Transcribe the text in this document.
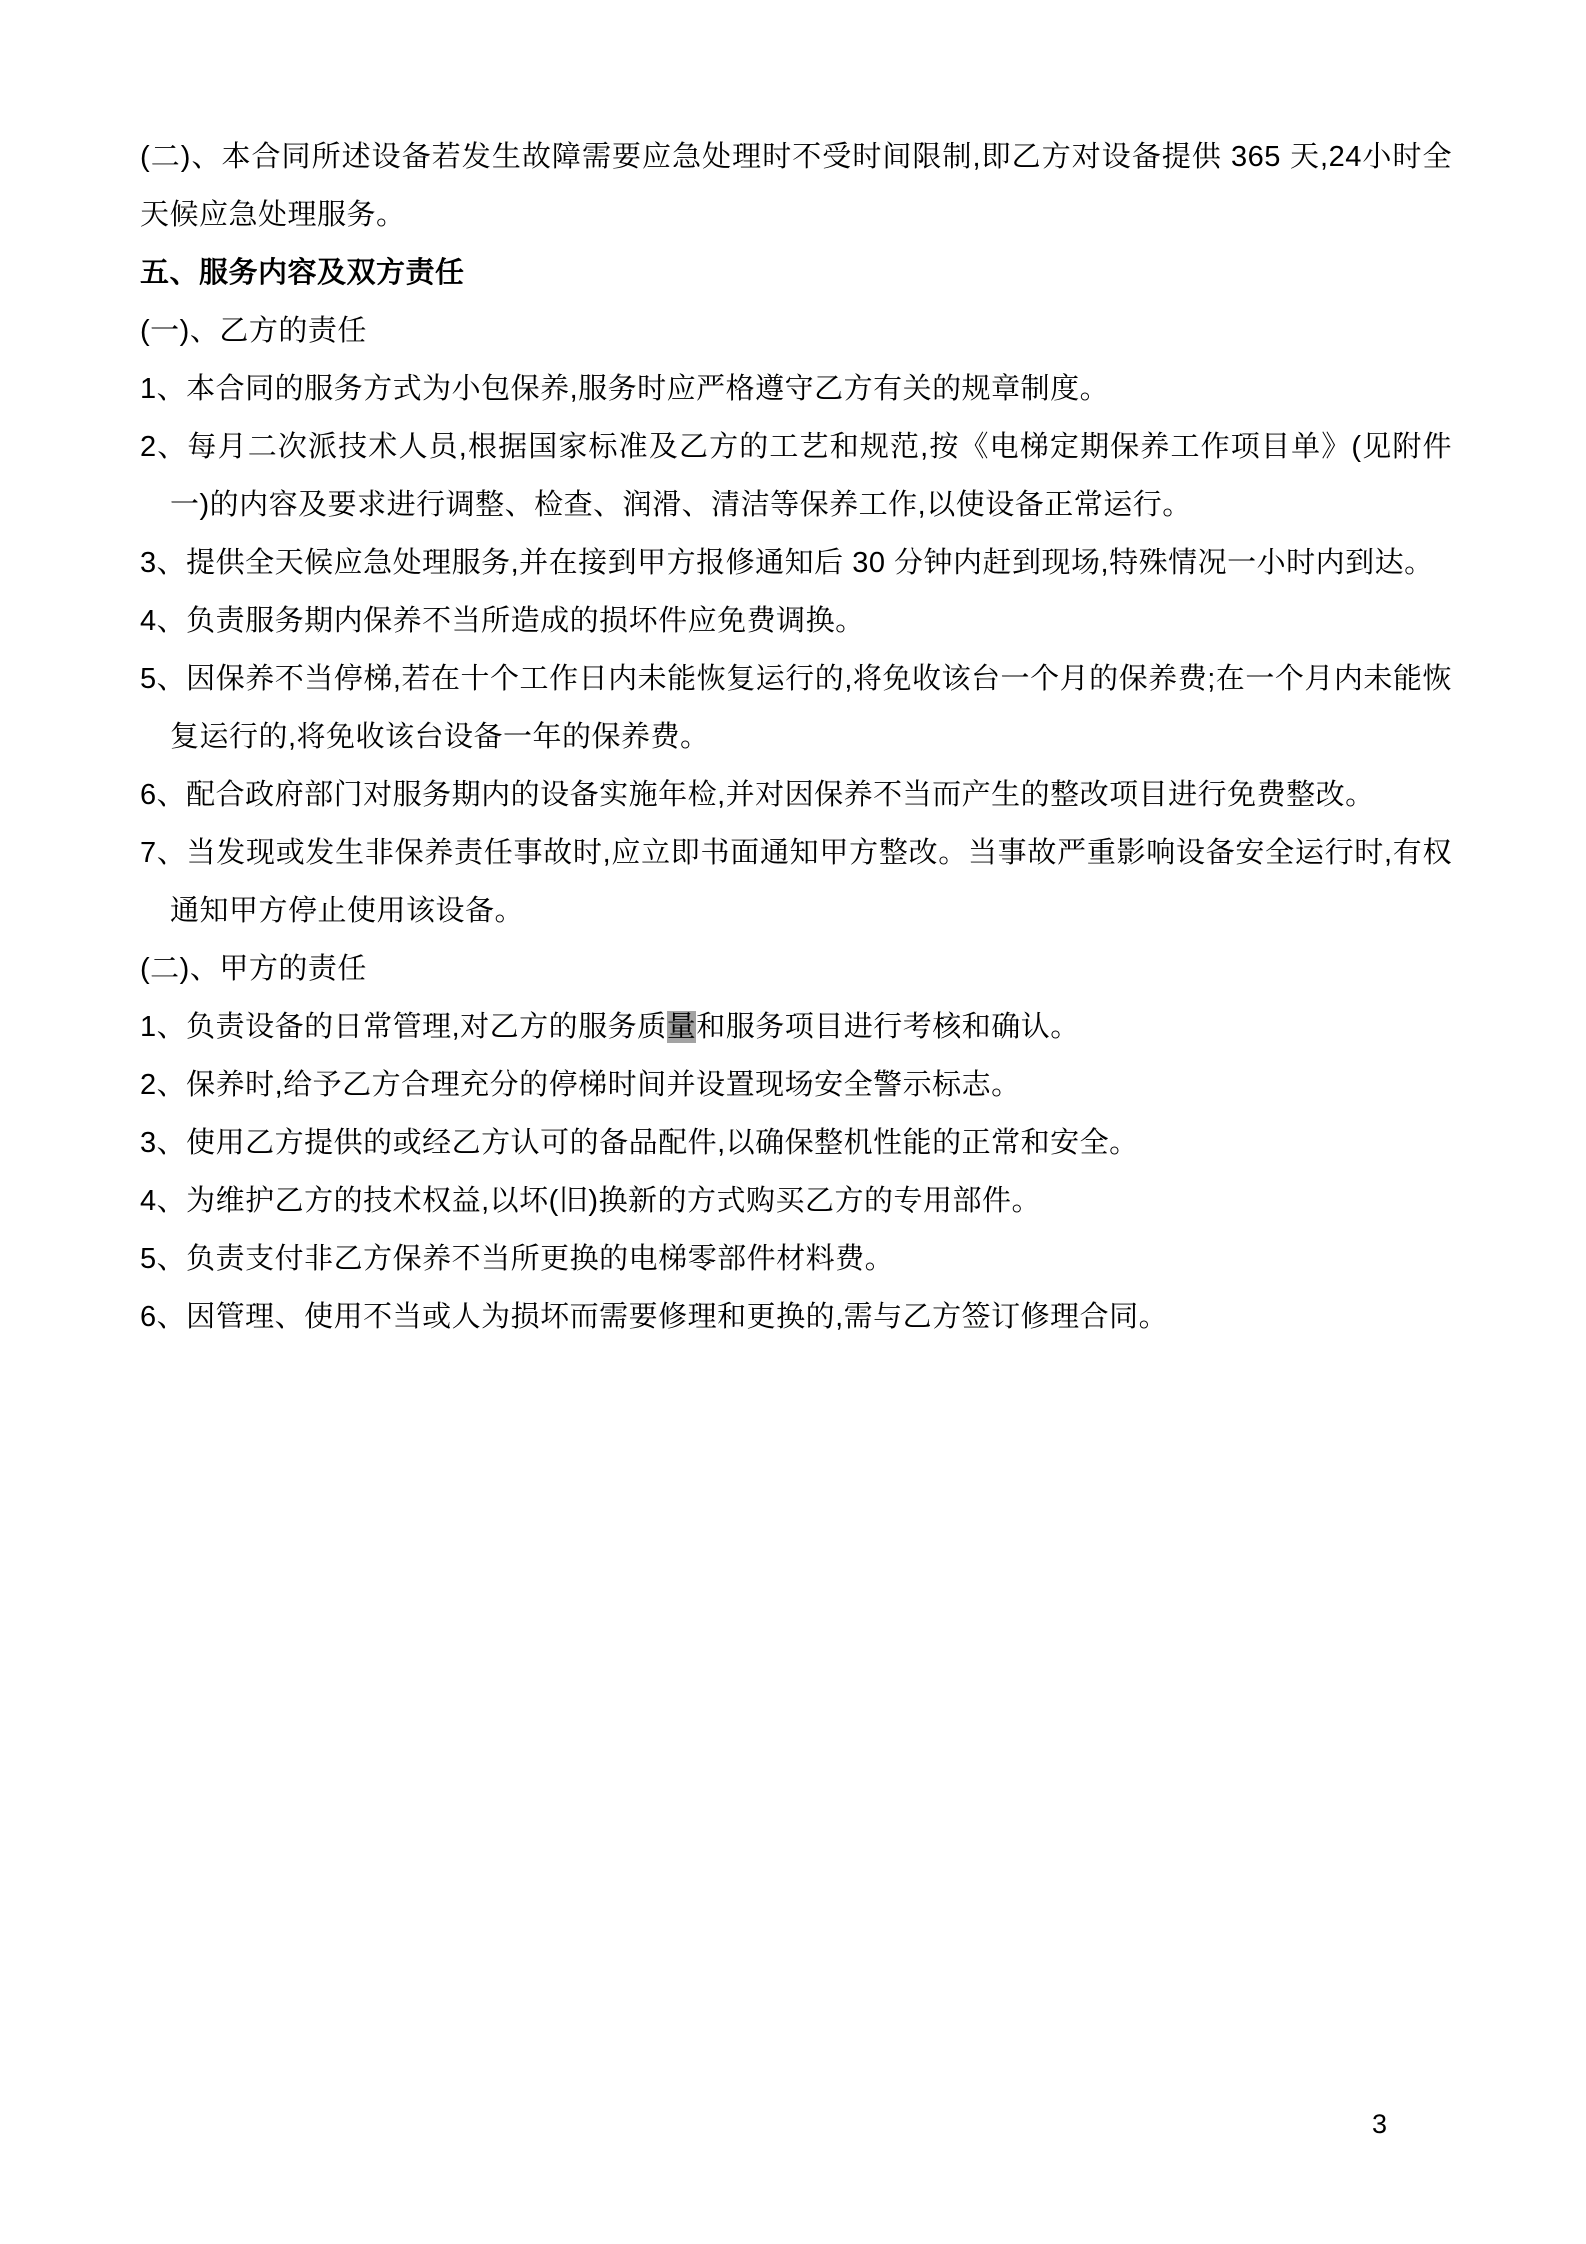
(二)、本合同所述设备若发生故障需要应急处理时不受时间限制,即乙方对设备提供 365 天,24小时全天候应急处理服务。

五、服务内容及双方责任

(一)、乙方的责任

1、本合同的服务方式为小包保养,服务时应严格遵守乙方有关的规章制度。

2、每月二次派技术人员,根据国家标准及乙方的工艺和规范,按《电梯定期保养工作项目单》(见附件一)的内容及要求进行调整、检查、润滑、清洁等保养工作,以使设备正常运行。

3、提供全天候应急处理服务,并在接到甲方报修通知后 30 分钟内赶到现场,特殊情况一小时内到达。

4、负责服务期内保养不当所造成的损坏件应免费调换。

5、因保养不当停梯,若在十个工作日内未能恢复运行的,将免收该台一个月的保养费;在一个月内未能恢复运行的,将免收该台设备一年的保养费。

6、配合政府部门对服务期内的设备实施年检,并对因保养不当而产生的整改项目进行免费整改。

7、当发现或发生非保养责任事故时,应立即书面通知甲方整改。当事故严重影响设备安全运行时,有权通知甲方停止使用该设备。

(二)、甲方的责任

1、负责设备的日常管理,对乙方的服务质量和服务项目进行考核和确认。

2、保养时,给予乙方合理充分的停梯时间并设置现场安全警示标志。

3、使用乙方提供的或经乙方认可的备品配件,以确保整机性能的正常和安全。

4、为维护乙方的技术权益,以坏(旧)换新的方式购买乙方的专用部件。

5、负责支付非乙方保养不当所更换的电梯零部件材料费。

6、因管理、使用不当或人为损坏而需要修理和更换的,需与乙方签订修理合同。

3
